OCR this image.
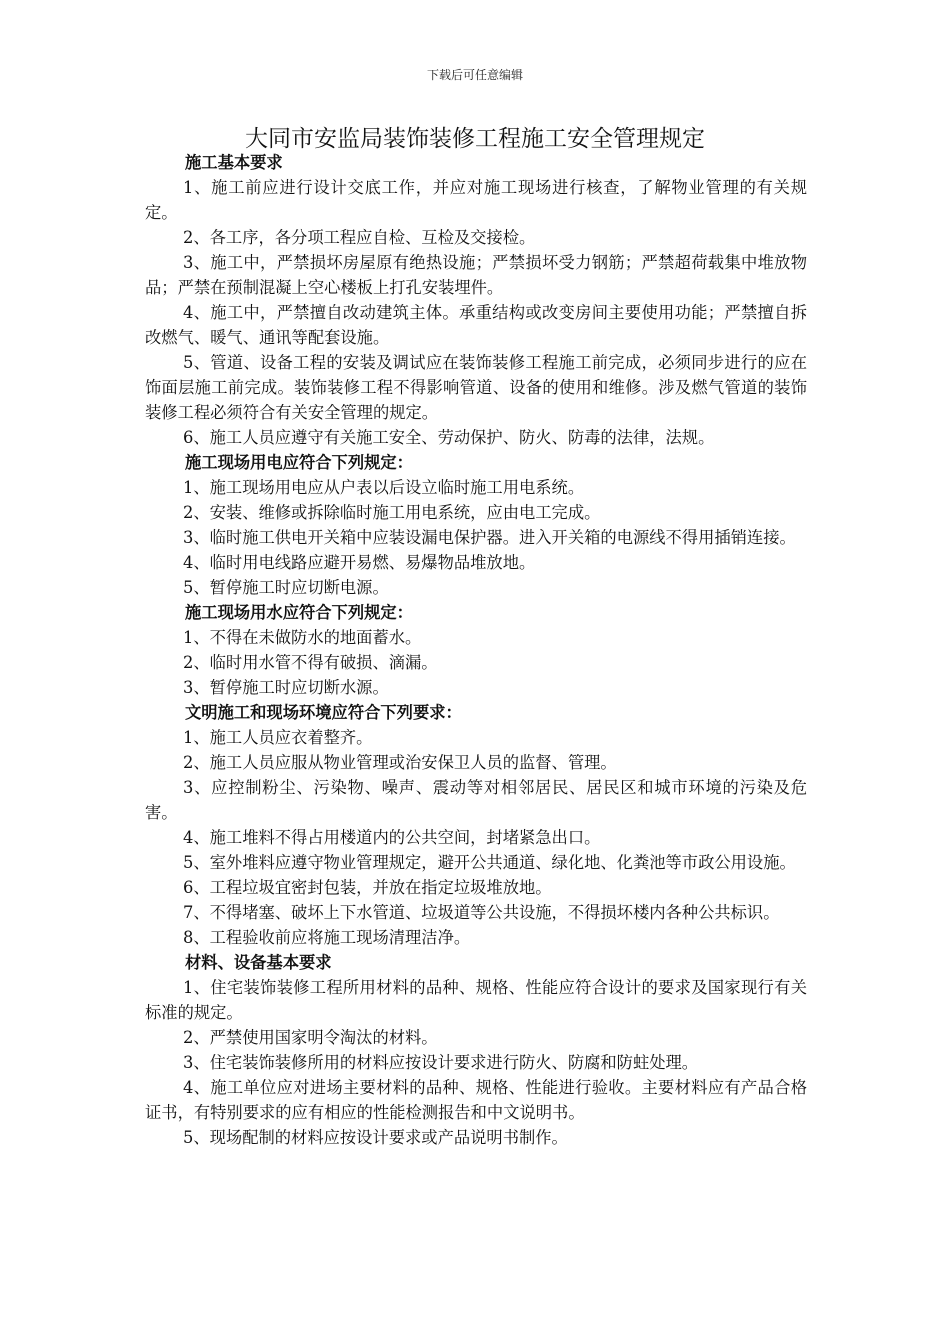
下载后可任意编辑
大同市安监局装饰装修工程施工安全管理规定
施工基本要求

1、施工前应进行设计交底工作，并应对施工现场进行核查，了解物业管理的有关规定。

2、各工序，各分项工程应自检、互检及交接检。

3、施工中，严禁损坏房屋原有绝热设施；严禁损坏受力钢筋；严禁超荷载集中堆放物品；严禁在预制混凝上空心楼板上打孔安装埋件。

4、施工中，严禁擅自改动建筑主体。承重结构或改变房间主要使用功能；严禁擅自拆改燃气、暖气、通讯等配套设施。

5、管道、设备工程的安装及调试应在装饰装修工程施工前完成，必须同步进行的应在饰面层施工前完成。装饰装修工程不得影响管道、设备的使用和维修。涉及燃气管道的装饰装修工程必须符合有关安全管理的规定。

6、施工人员应遵守有关施工安全、劳动保护、防火、防毒的法律，法规。

施工现场用电应符合下列规定：

1、施工现场用电应从户表以后设立临时施工用电系统。

2、安装、维修或拆除临时施工用电系统，应由电工完成。

3、临时施工供电开关箱中应装设漏电保护器。进入开关箱的电源线不得用插销连接。

4、临时用电线路应避开易燃、易爆物品堆放地。

5、暂停施工时应切断电源。

施工现场用水应符合下列规定：

1、不得在未做防水的地面蓄水。

2、临时用水管不得有破损、滴漏。

3、暂停施工时应切断水源。

文明施工和现场环境应符合下列要求：

1、施工人员应衣着整齐。

2、施工人员应服从物业管理或治安保卫人员的监督、管理。

3、应控制粉尘、污染物、噪声、震动等对相邻居民、居民区和城市环境的污染及危害。

4、施工堆料不得占用楼道内的公共空间，封堵紧急出口。

5、室外堆料应遵守物业管理规定，避开公共通道、绿化地、化粪池等市政公用设施。

6、工程垃圾宜密封包装，并放在指定垃圾堆放地。

7、不得堵塞、破坏上下水管道、垃圾道等公共设施，不得损坏楼内各种公共标识。

8、工程验收前应将施工现场清理洁净。

材料、设备基本要求

1、住宅装饰装修工程所用材料的品种、规格、性能应符合设计的要求及国家现行有关标准的规定。

2、严禁使用国家明令淘汰的材料。

3、住宅装饰装修所用的材料应按设计要求进行防火、防腐和防蛀处理。

4、施工单位应对进场主要材料的品种、规格、性能进行验收。主要材料应有产品合格证书，有特别要求的应有相应的性能检测报告和中文说明书。

5、现场配制的材料应按设计要求或产品说明书制作。
